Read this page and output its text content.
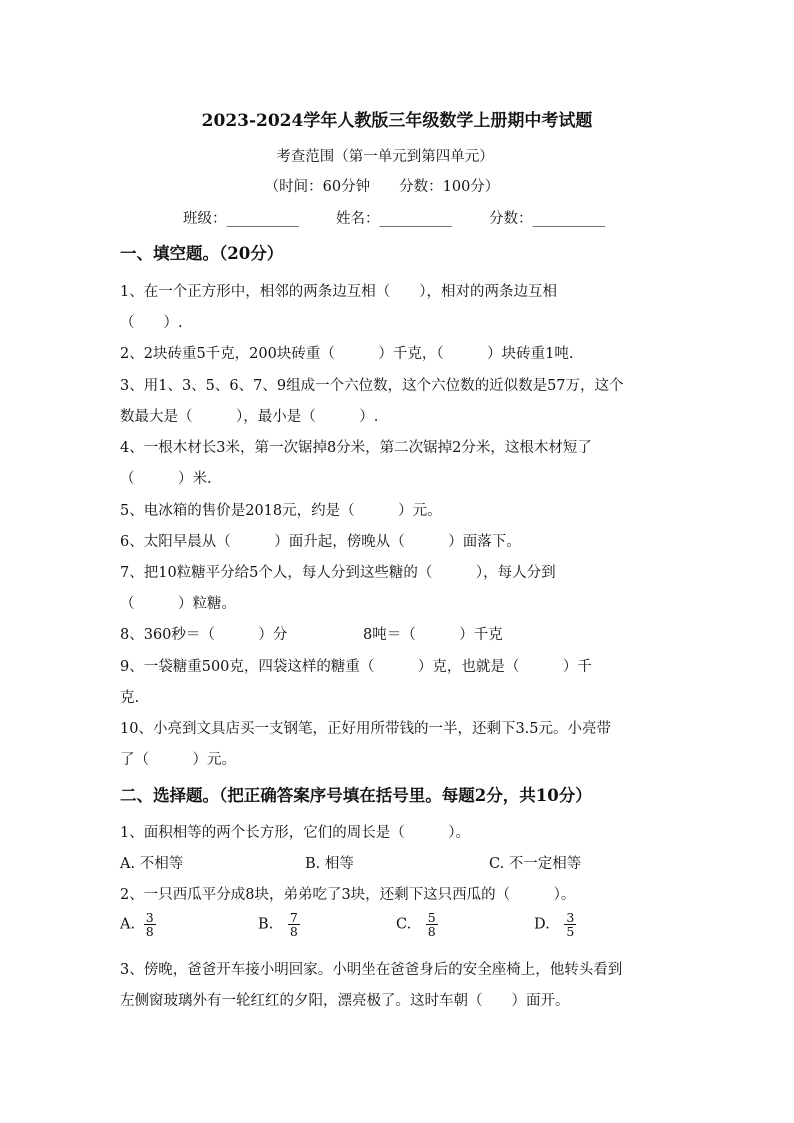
2023-2024学年人教版三年级数学上册期中考试题
考查范围（第一单元到第四单元）
（时间：60分钟　　分数：100分）
班级：__________	姓名：__________	分数：__________
一、填空题。（20分）
1、在一个正方形中，相邻的两条边互相（　　），相对的两条边互相
（　　）.
2、2块砖重5千克，200块砖重（　　　）千克，（　　　）块砖重1吨.
3、用1、3、5、6、7、9组成一个六位数，这个六位数的近似数是57万，这个
数最大是（　　　），最小是（　　　）.
4、一根木材长3米，第一次锯掉8分米，第二次锯掉2分米，这根木材短了
（　　　）米.
5、电冰箱的售价是2018元，约是（　　　）元。
6、太阳早晨从（　　　）面升起，傍晚从（　　　）面落下。
7、把10粒糖平分给5个人，每人分到这些糖的（　　　），每人分到
（　　　）粒糖。
8、360秒＝（　　　）分	8吨＝（　　　）千克
9、一袋糖重500克，四袋这样的糖重（　　　）克，也就是（　　　）千
克.
10、小亮到文具店买一支钢笔，正好用所带钱的一半，还剩下3.5元。小亮带
了（　　　）元。
二、选择题。（把正确答案序号填在括号里。每题2分，共10分）
1、面积相等的两个长方形，它们的周长是（　　　）。
A. 不相等	B. 相等	C. 不一定相等
2、一只西瓜平分成8块，弟弟吃了3块，还剩下这只西瓜的（　　　）。
A. $\frac{3}{8}$	B. $\frac{7}{8}$	C. $\frac{5}{8}$	D. $\frac{3}{5}$
3、傍晚，爸爸开车接小明回家。小明坐在爸爸身后的安全座椅上，他转头看到
左侧窗玻璃外有一轮红红的夕阳，漂亮极了。这时车朝（　　）面开。
